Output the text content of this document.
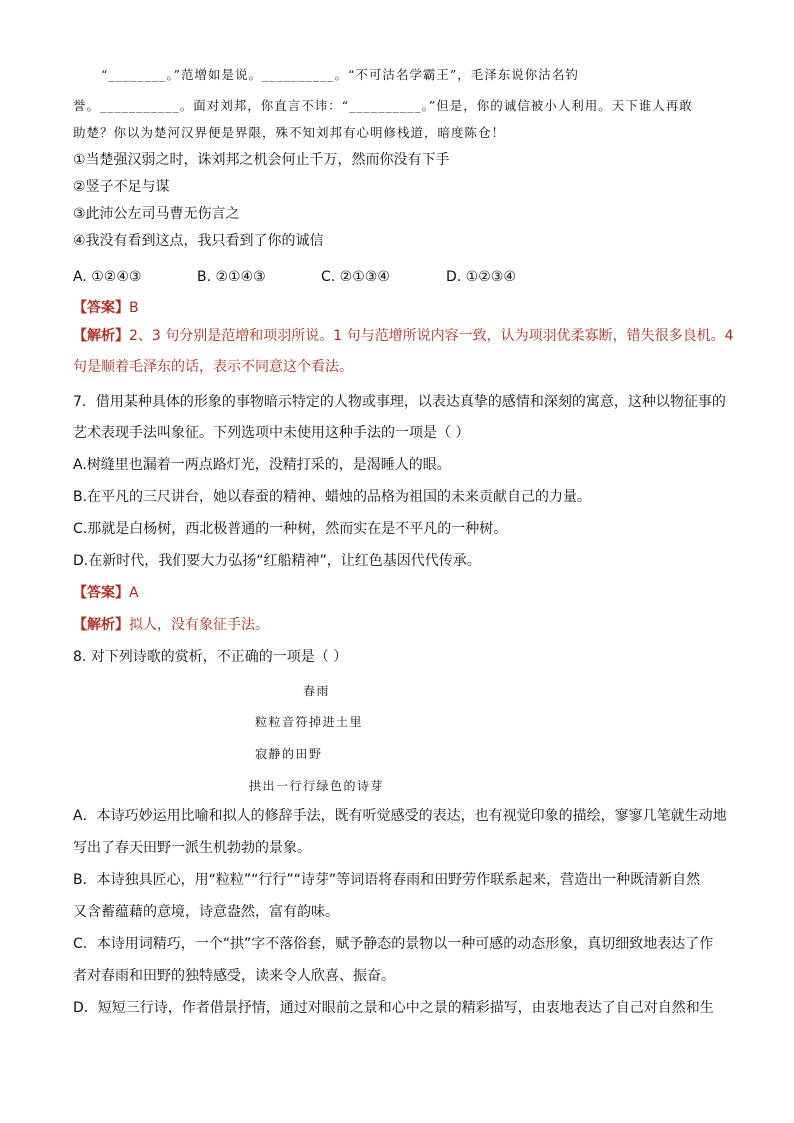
“________。”范增如是说。__________。“不可沽名学霸王”，毛泽东说你沽名钓
誉。___________。面对刘邦，你直言不讳：“__________。”但是，你的诚信被小人利用。天下谁人再敢
助楚？你以为楚河汉界便是界限，殊不知刘邦有心明修栈道，暗度陈仓！
①当楚强汉弱之时，诛刘邦之机会何止千万，然而你没有下手
②竖子不足与谋
③此沛公左司马曹无伤言之
④我没有看到这点，我只看到了你的诚信
A. ①②④③	B. ②①④③	C. ②①③④	D. ①②③④
【答案】B
【解析】2、3 句分别是范增和项羽所说。1 句与范增所说内容一致，认为项羽优柔寡断，错失很多良机。4
句是顺着毛泽东的话，表示不同意这个看法。
7．借用某种具体的形象的事物暗示特定的人物或事理，以表达真挚的感情和深刻的寓意，这种以物征事的
艺术表现手法叫象征。下列选项中未使用这种手法的一项是（ ）
A.树缝里也漏着一两点路灯光，没精打采的，是渴睡人的眼。
B.在平凡的三尺讲台，她以春蚕的精神、蜡烛的品格为祖国的未来贡献自己的力量。
C.那就是白杨树，西北极普通的一种树，然而实在是不平凡的一种树。
D.在新时代，我们要大力弘扬“红船精神”，让红色基因代代传承。
【答案】A
【解析】拟人，没有象征手法。
8. 对下列诗歌的赏析，不正确的一项是（ ）
春雨
粒粒音符掉进土里
寂静的田野
拱出一行行绿色的诗芽
A．本诗巧妙运用比喻和拟人的修辞手法，既有听觉感受的表达，也有视觉印象的描绘，寥寥几笔就生动地
写出了春天田野一派生机勃勃的景象。
B．本诗独具匠心，用“粒粒”“行行”“诗芽”等词语将春雨和田野劳作联系起来，营造出一种既清新自然
又含蓄蕴藉的意境，诗意盎然，富有韵味。
C．本诗用词精巧，一个“拱”字不落俗套，赋予静态的景物以一种可感的动态形象，真切细致地表达了作
者对春雨和田野的独特感受，读来令人欣喜、振奋。
D．短短三行诗，作者借景抒情，通过对眼前之景和心中之景的精彩描写，由衷地表达了自己对自然和生
